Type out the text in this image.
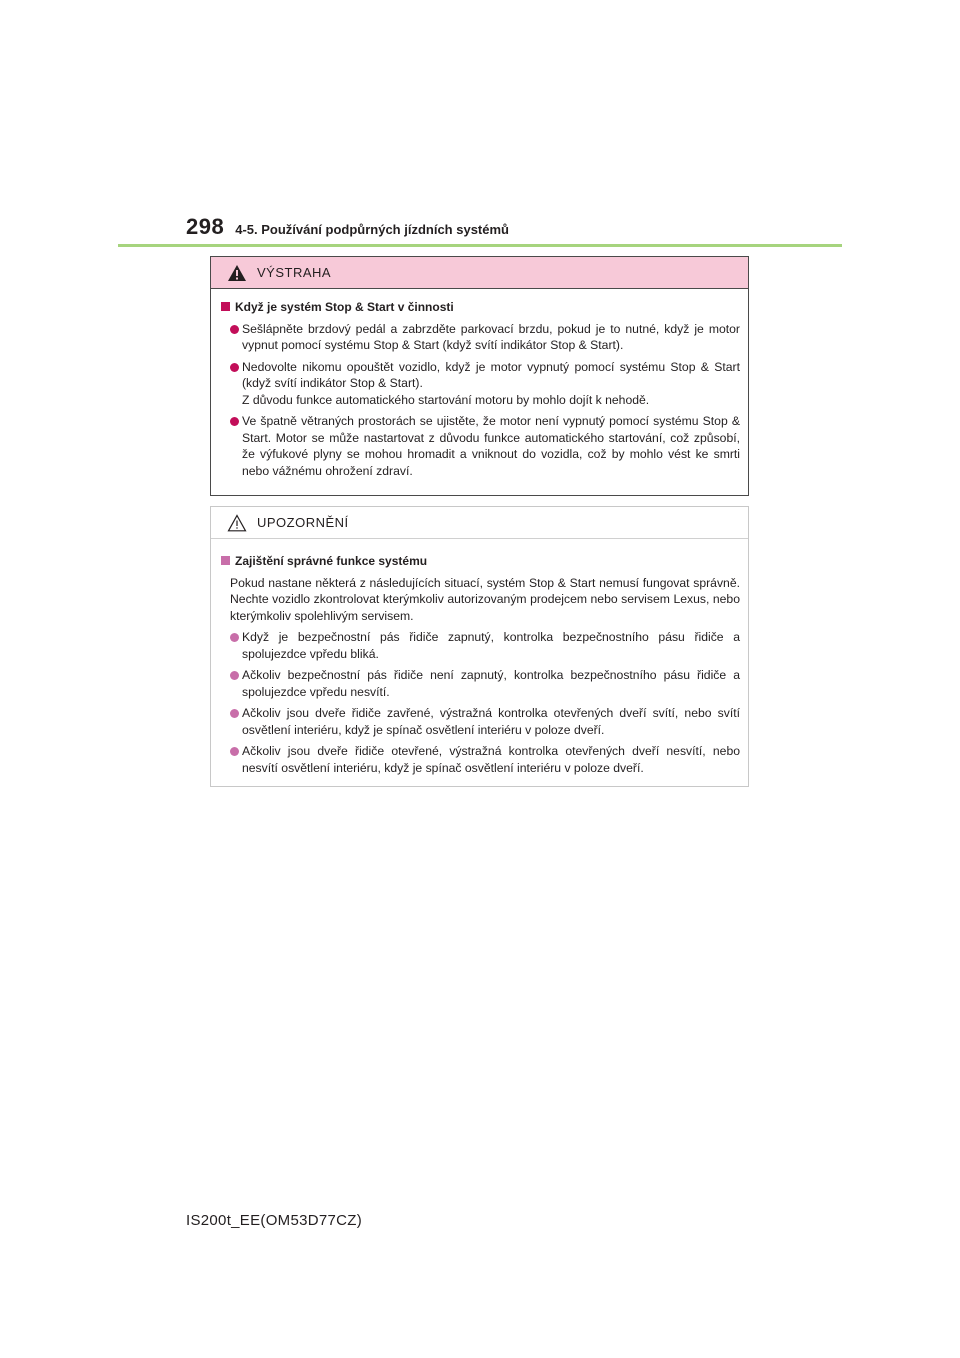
298 4-5. Používání podpůrných jízdních systémů
VÝSTRAHA
Když je systém Stop & Start v činnosti
Sešlápněte brzdový pedál a zabrzděte parkovací brzdu, pokud je to nutné, když je motor vypnut pomocí systému Stop & Start (když svítí indikátor Stop & Start).
Nedovolte nikomu opouštět vozidlo, když je motor vypnutý pomocí systému Stop & Start (když svítí indikátor Stop & Start).
Z důvodu funkce automatického startování motoru by mohlo dojít k nehodě.
Ve špatně větraných prostorách se ujistěte, že motor není vypnutý pomocí systému Stop & Start. Motor se může nastartovat z důvodu funkce automatického startování, což způsobí, že výfukové plyny se mohou hromadit a vniknout do vozidla, což by mohlo vést ke smrti nebo vážnému ohrožení zdraví.
UPOZORNĚNÍ
Zajištění správné funkce systému
Pokud nastane některá z následujících situací, systém Stop & Start nemusí fungovat správně. Nechte vozidlo zkontrolovat kterýmkoliv autorizovaným prodejcem nebo servisem Lexus, nebo kterýmkoliv spolehlivým servisem.
Když je bezpečnostní pás řidiče zapnutý, kontrolka bezpečnostního pásu řidiče a spolujezdce vpředu bliká.
Ačkoliv bezpečnostní pás řidiče není zapnutý, kontrolka bezpečnostního pásu řidiče a spolujezdce vpředu nesvítí.
Ačkoliv jsou dveře řidiče zavřené, výstražná kontrolka otevřených dveří svítí, nebo svítí osvětlení interiéru, když je spínač osvětlení interiéru v poloze dveří.
Ačkoliv jsou dveře řidiče otevřené, výstražná kontrolka otevřených dveří nesvítí, nebo nesvítí osvětlení interiéru, když je spínač osvětlení interiéru v poloze dveří.
IS200t_EE(OM53D77CZ)
